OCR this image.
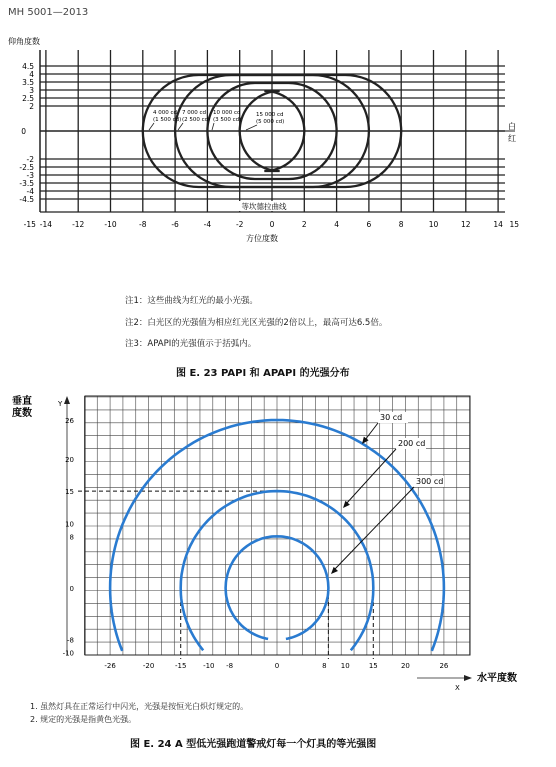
MH 5001—2013
仰角度数
4.5
4
3.5
3
2.5
2
0
-2
-2.5
-3
-3.5
-4
-4.5
-15 -14	-12	-10	-8	-6	-4	-2	0	2	4	6	8	10	12	14 15
方位度数
白
红
4 000 cd
(1 500 cd)
7 000 cd
(2 500 cd)
10 000 cd
(3 500 cd)
15 000 cd
(5 000 cd)
等坎德拉曲线
注1：这些曲线为红光的最小光强。
注2：白光区的光强值为相应红光区光强的2倍以上，最高可达6.5倍。
注3：APAPI的光强值示于括弧内。
图 E. 23 PAPI 和 APAPI 的光强分布
Y
垂直
度数
X
水平度数
26
20
15
10
8
0
-8
-10
-26	-20	-15 -10 -8	0	8 10	15	20	26
30 cd
200 cd
300 cd
1. 虽然灯具在正常运行中闪光，光强是按恒光白炽灯规定的。
2. 规定的光强是指黄色光强。
图 E. 24 A 型低光强跑道警戒灯每一个灯具的等光强图
